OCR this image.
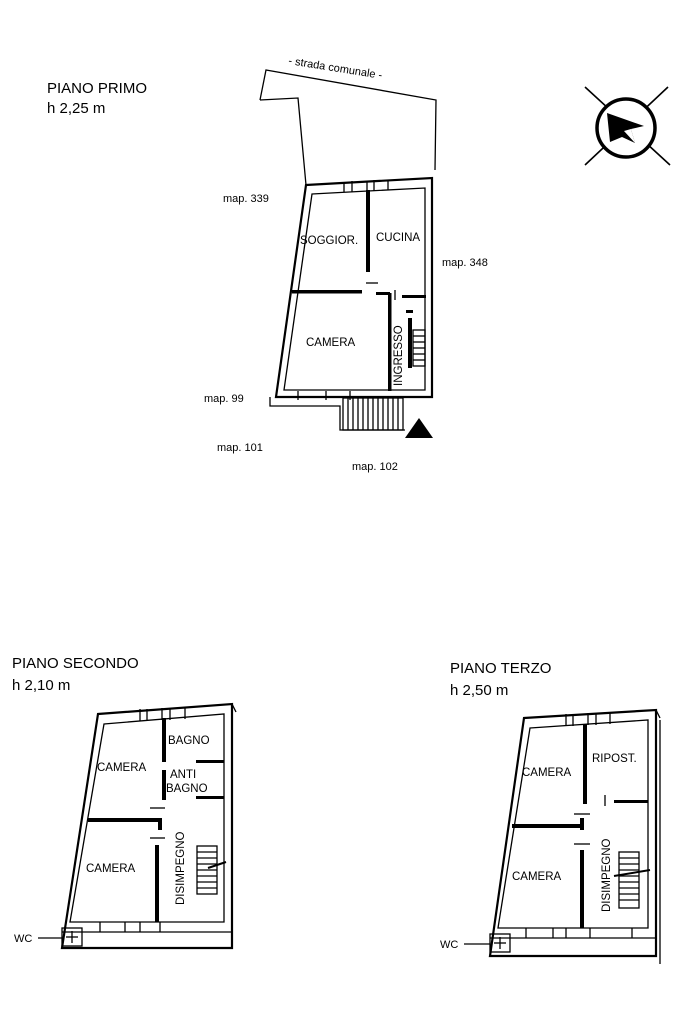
PIANO PRIMO
h 2,25 m
- strada comunale -
SOGGIOR. CUCINA
CAMERA	INGRESSO
map. 339
map. 348
map. 99
map. 101
map. 102
PIANO SECONDO
h 2,10 m
CAMERA
BAGNO
ANTI
BAGNO
CAMERA	DISIMPEGNO
WC
PIANO TERZO
h 2,50 m
CAMERA
RIPOST.
CAMERA	DISIMPEGNO
WC
